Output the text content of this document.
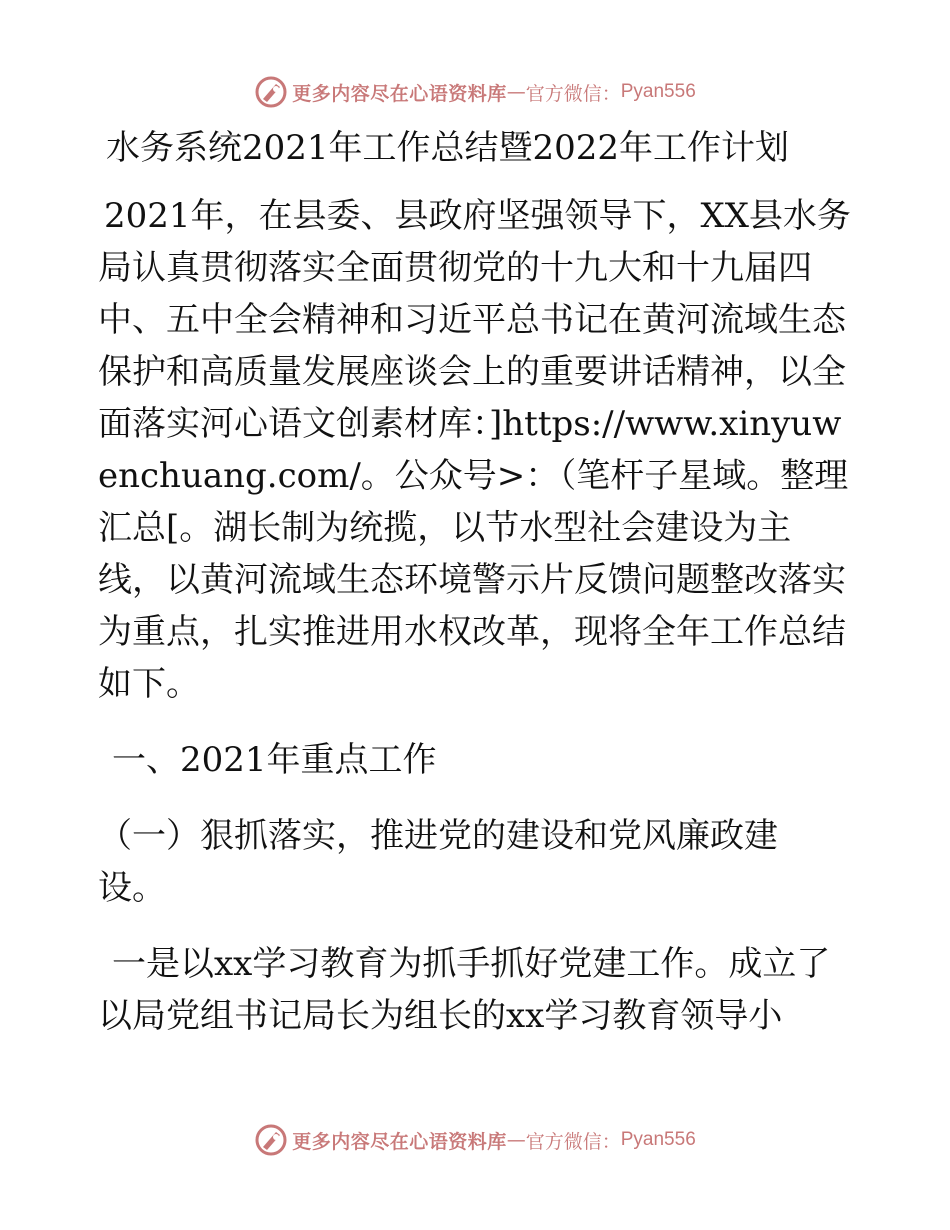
更多内容尽在心语资料库 — 官方微信： Pyan556
水务系统2021年工作总结暨2022年工作计划

2021年，在县委、县政府坚强领导下，XX县水务局认真贯彻落实全面贯彻党的十九大和十九届四中、五中全会精神和习近平总书记在黄河流域生态保护和高质量发展座谈会上的重要讲话精神，以全面落实河心语文创素材库：]https://www.xinyuwenchuang.com/。公众号>：（笔杆子星域。整理汇总[。湖长制为统揽，以节水型社会建设为主线，以黄河流域生态环境警示片反馈问题整改落实为重点，扎实推进用水权改革，现将全年工作总结如下。

一、2021年重点工作

（一）狠抓落实，推进党的建设和党风廉政建设。

一是以xx学习教育为抓手抓好党建工作。成立了以局党组书记局长为组长的xx学习教育领导小

更多内容尽在心语资料库 — 官方微信： Pyan556
